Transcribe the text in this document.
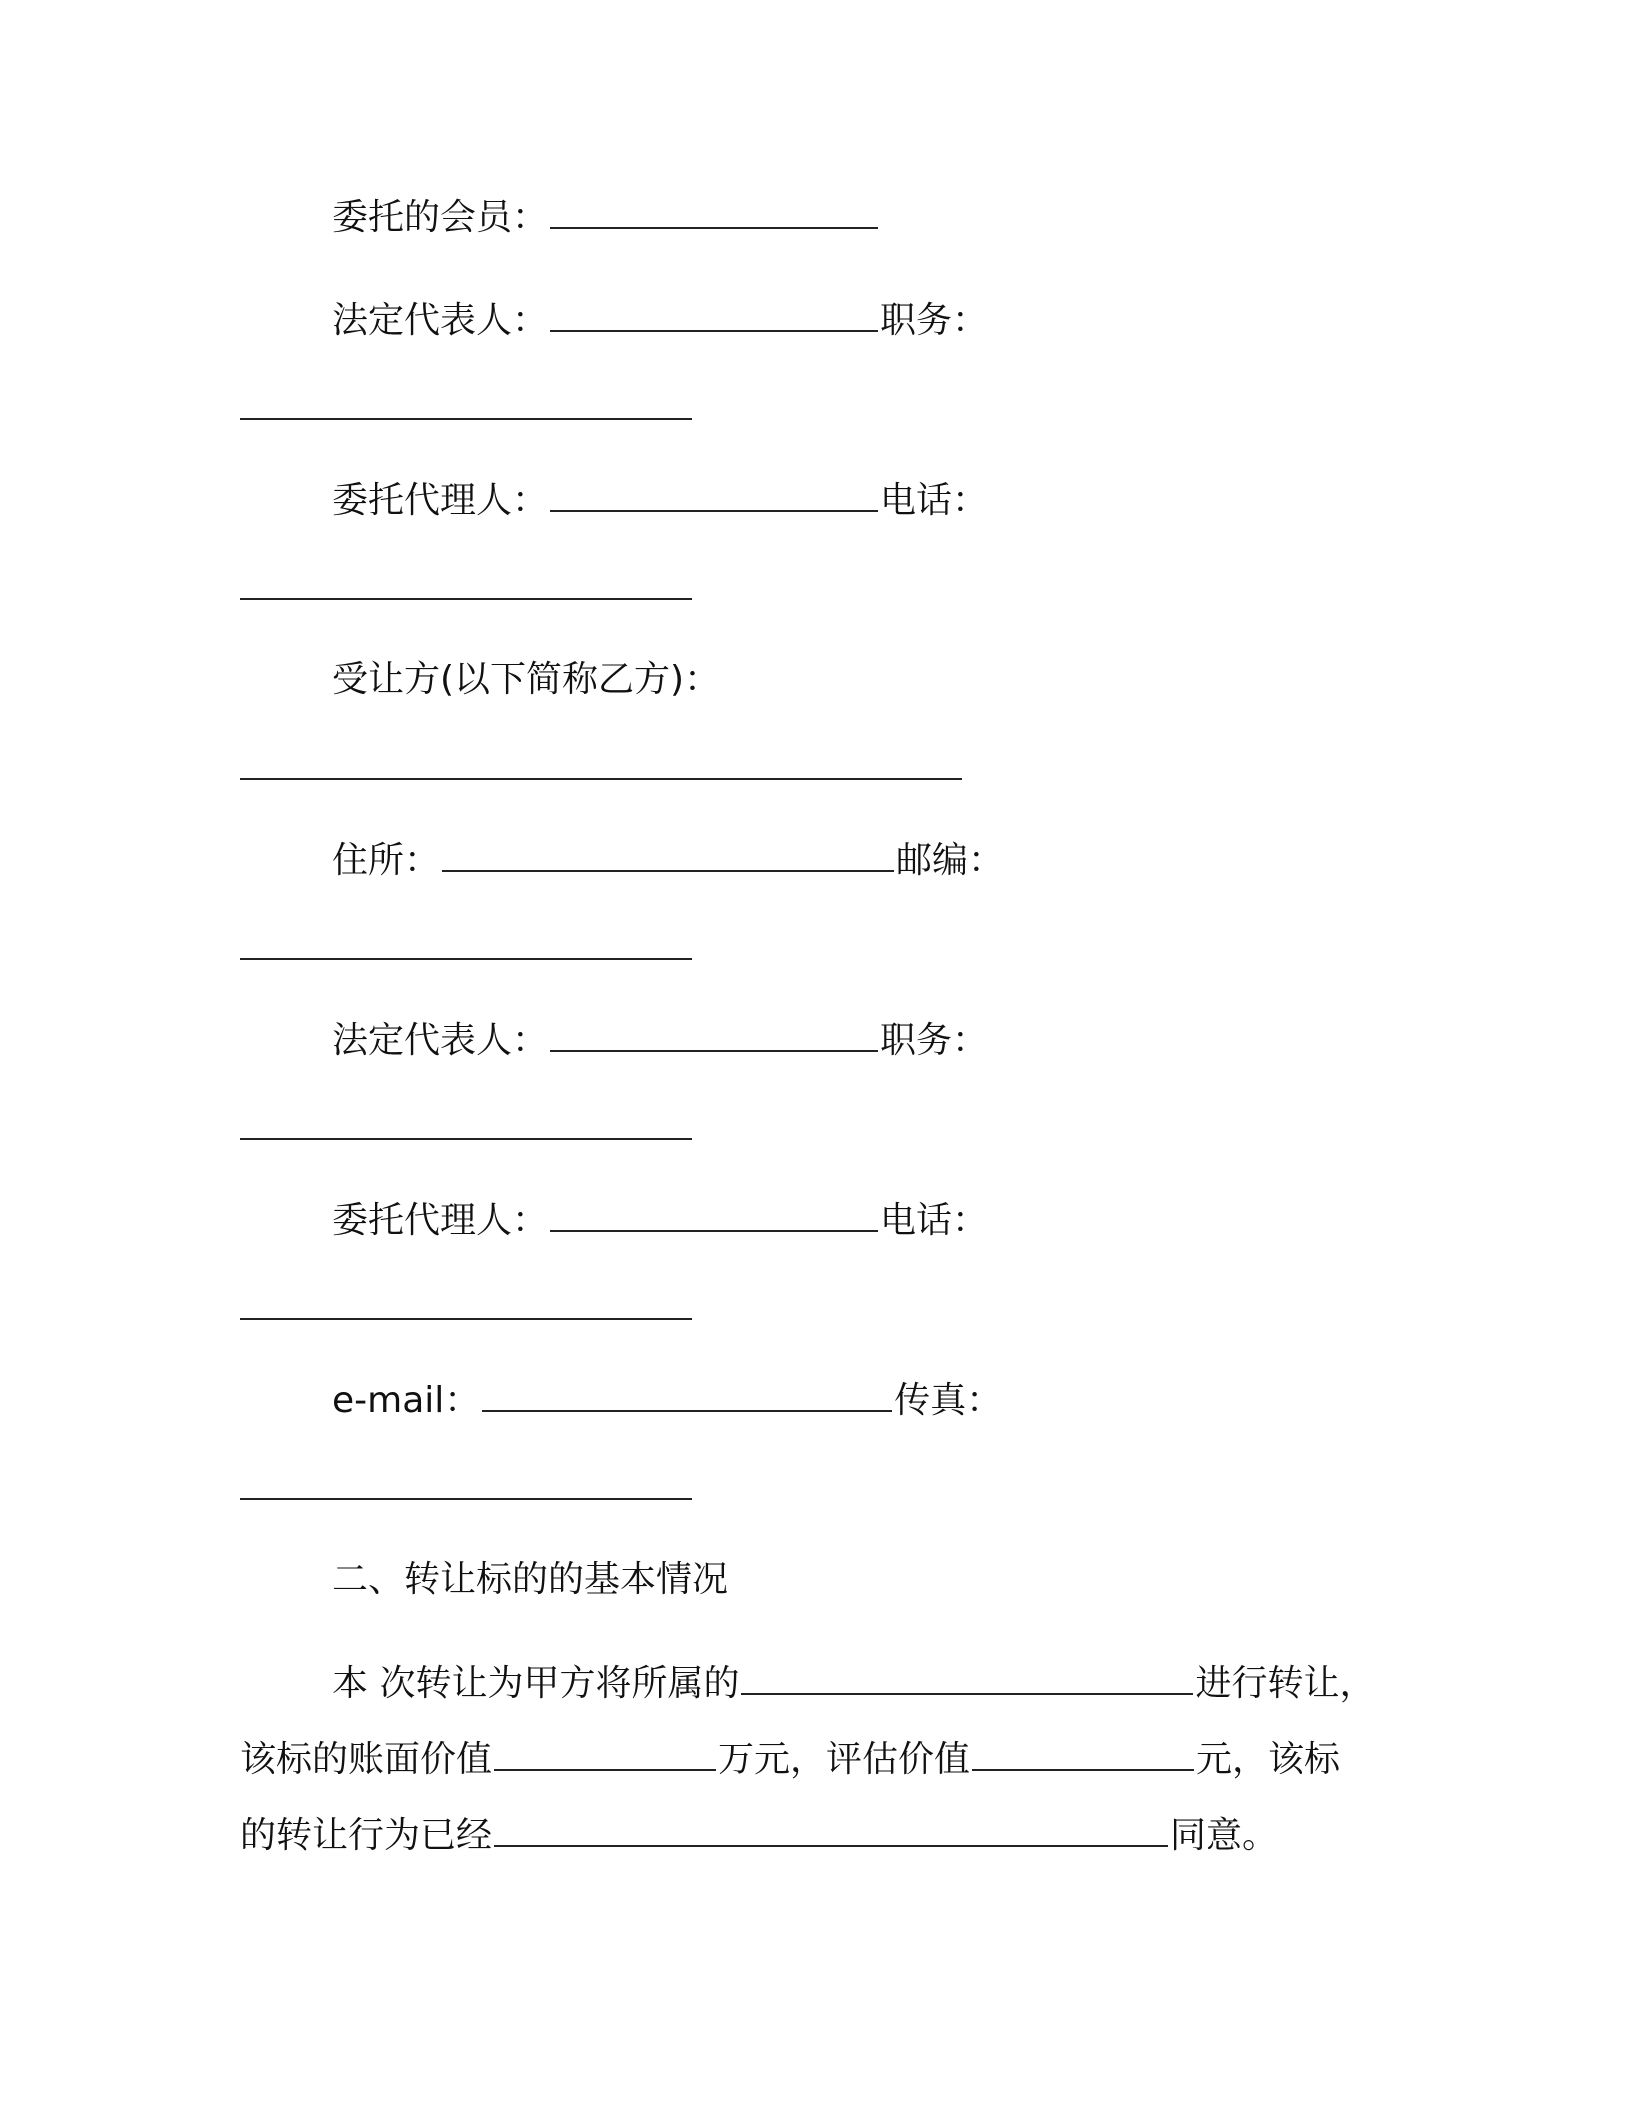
委托的会员：
法定代表人：	职务：
委托代理人：	电话：
受让方(以下简称乙方)：
住所：	邮编：
法定代表人：	职务：
委托代理人：	电话：
e-mail：	传真：
二、转让标的的基本情况
本 次转让为甲方将所属的	进行转让，
该标的账面价值	万元，评估价值	元，该标
的转让行为已经	同意。
